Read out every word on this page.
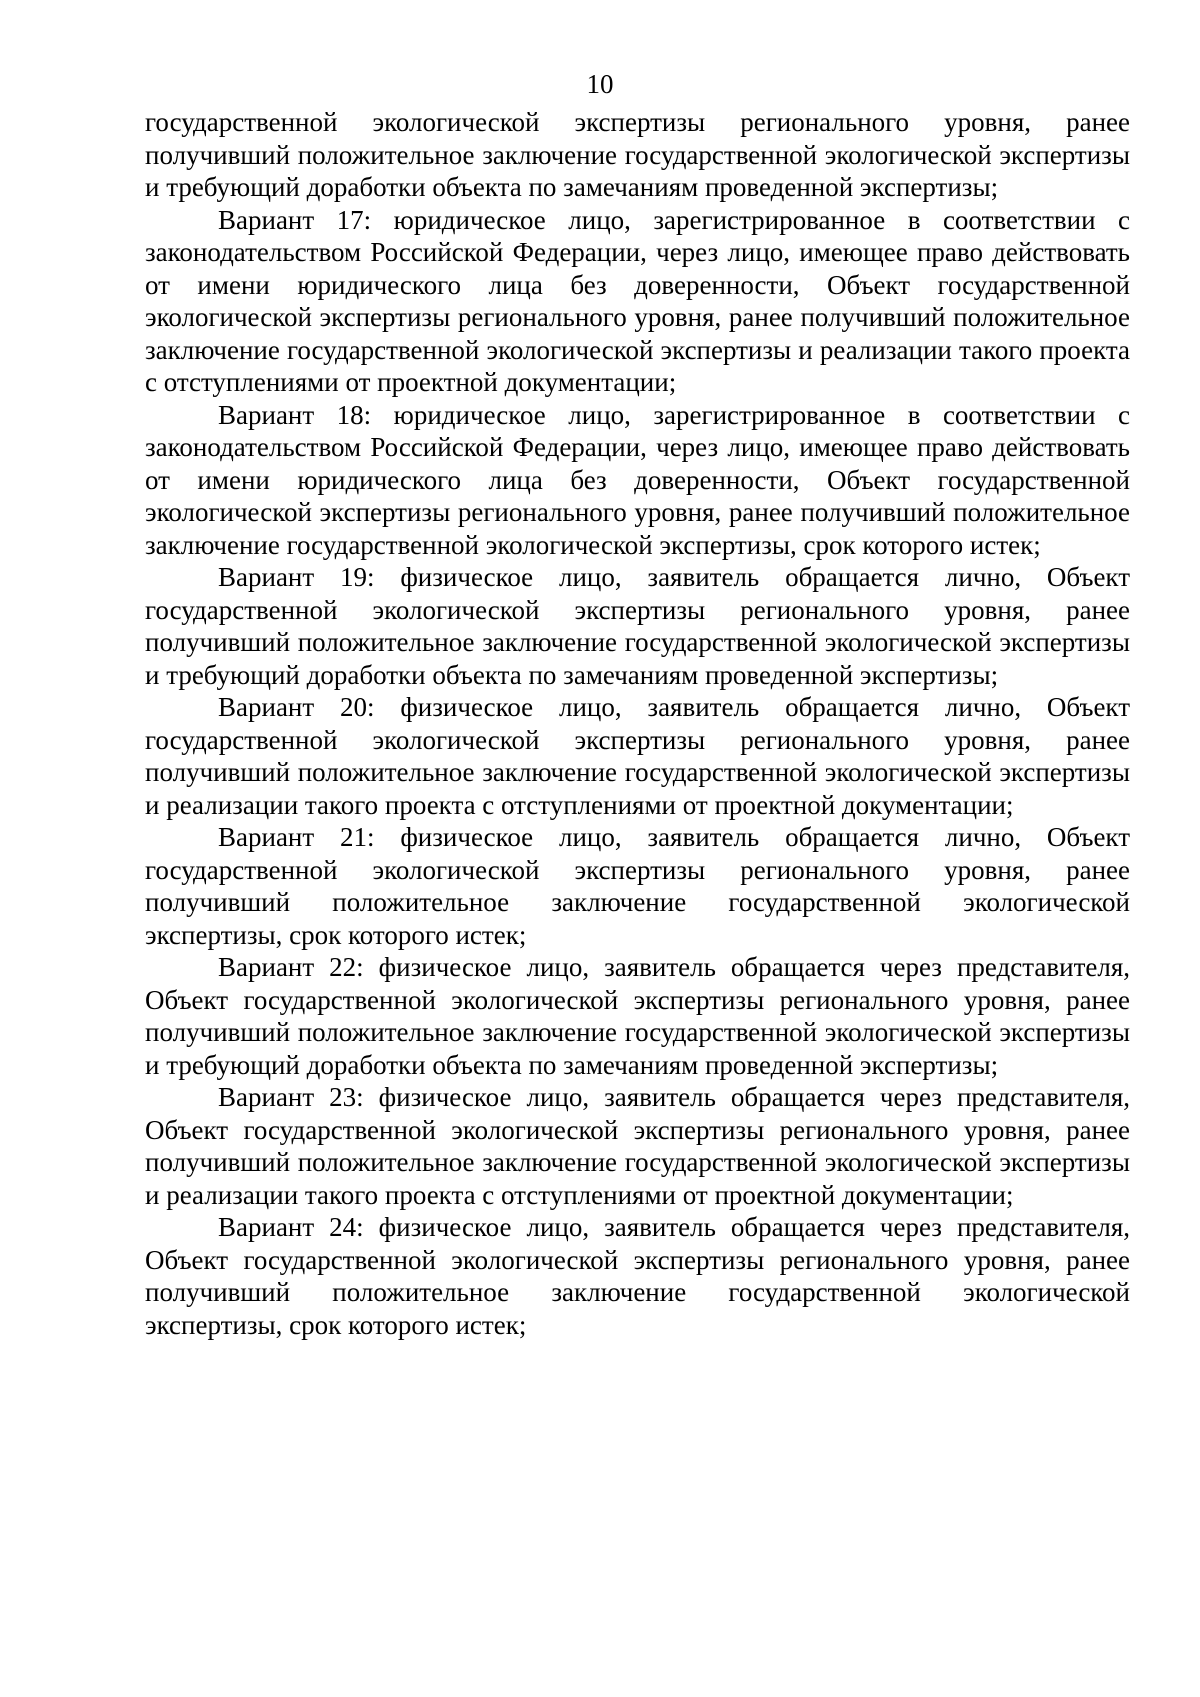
10

государственной экологической экспертизы регионального уровня, ранее получивший положительное заключение государственной экологической экспертизы и требующий доработки объекта по замечаниям проведенной экспертизы;

Вариант 17: юридическое лицо, зарегистрированное в соответствии с законодательством Российской Федерации, через лицо, имеющее право действовать от имени юридического лица без доверенности, Объект государственной экологической экспертизы регионального уровня, ранее получивший положительное заключение государственной экологической экспертизы и реализации такого проекта с отступлениями от проектной документации;

Вариант 18: юридическое лицо, зарегистрированное в соответствии с законодательством Российской Федерации, через лицо, имеющее право действовать от имени юридического лица без доверенности, Объект государственной экологической экспертизы регионального уровня, ранее получивший положительное заключение государственной экологической экспертизы, срок которого истек;

Вариант 19: физическое лицо, заявитель обращается лично, Объект государственной экологической экспертизы регионального уровня, ранее получивший положительное заключение государственной экологической экспертизы и требующий доработки объекта по замечаниям проведенной экспертизы;

Вариант 20: физическое лицо, заявитель обращается лично, Объект государственной экологической экспертизы регионального уровня, ранее получивший положительное заключение государственной экологической экспертизы и реализации такого проекта с отступлениями от проектной документации;

Вариант 21: физическое лицо, заявитель обращается лично, Объект государственной экологической экспертизы регионального уровня, ранее получивший положительное заключение государственной экологической экспертизы, срок которого истек;

Вариант 22: физическое лицо, заявитель обращается через представителя, Объект государственной экологической экспертизы регионального уровня, ранее получивший положительное заключение государственной экологической экспертизы и требующий доработки объекта по замечаниям проведенной экспертизы;

Вариант 23: физическое лицо, заявитель обращается через представителя, Объект государственной экологической экспертизы регионального уровня, ранее получивший положительное заключение государственной экологической экспертизы и реализации такого проекта с отступлениями от проектной документации;

Вариант 24: физическое лицо, заявитель обращается через представителя, Объект государственной экологической экспертизы регионального уровня, ранее получивший положительное заключение государственной экологической экспертизы, срок которого истек;
